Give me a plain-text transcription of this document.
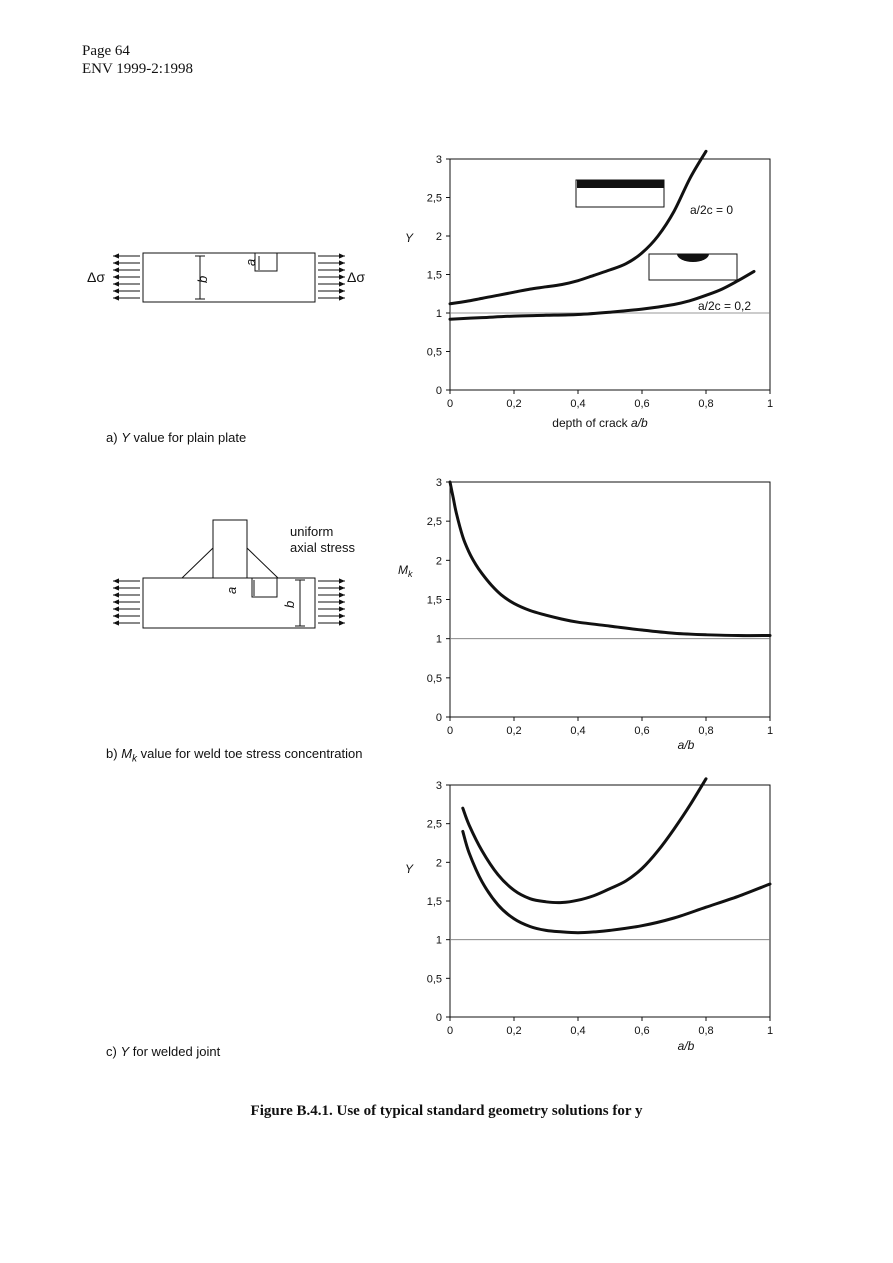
Page 64
ENV 1999-2:1998
Δσ	Δσ
b
a
a
b
uniform
axial stress
0
0,5
1
1,5
2
2,5
3
0	0,2	0,4	0,6	0,8	1
Y
depth of crack a/b
a/2c = 0
a/2c = 0,2
0
0,5
1
1,5
2
2,5
3
0	0,2	0,4	0,6	0,8	1
$M_k$
a/b
0
0,5
1
1,5
2
2,5
3
0	0,2	0,4	0,6	0,8	1
Y
a/b
a) Y value for plain plate
b) $M_k$ value for weld toe stress concentration
c) Y for welded joint
Figure B.4.1. Use of typical standard geometry solutions for y
